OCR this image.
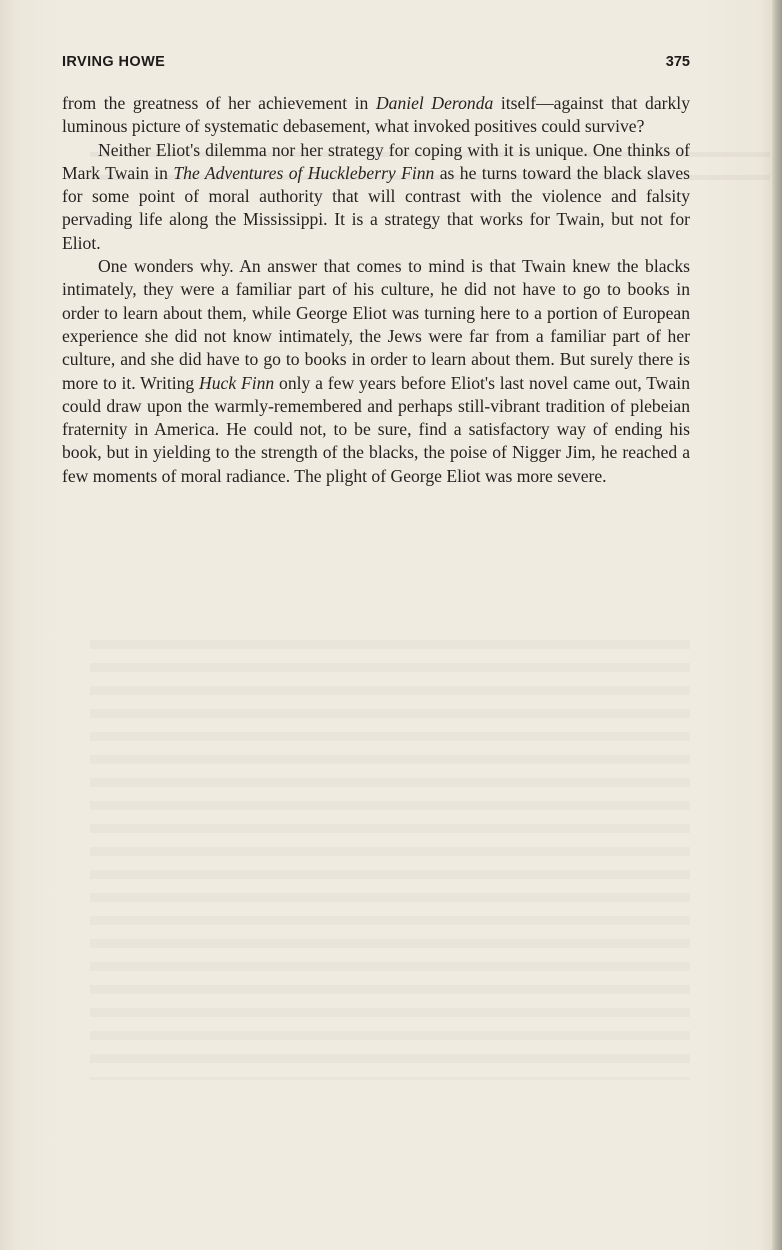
IRVING HOWE	375

from the greatness of her achievement in Daniel Deronda itself—against that darkly luminous picture of systematic debasement, what invoked positives could survive?

Neither Eliot's dilemma nor her strategy for coping with it is unique. One thinks of Mark Twain in The Adventures of Huckleberry Finn as he turns toward the black slaves for some point of moral authority that will contrast with the violence and falsity pervading life along the Mississippi. It is a strategy that works for Twain, but not for Eliot.

One wonders why. An answer that comes to mind is that Twain knew the blacks intimately, they were a familiar part of his culture, he did not have to go to books in order to learn about them, while George Eliot was turning here to a portion of European experience she did not know intimately, the Jews were far from a familiar part of her culture, and she did have to go to books in order to learn about them. But surely there is more to it. Writing Huck Finn only a few years before Eliot's last novel came out, Twain could draw upon the warmly-remembered and perhaps still-vibrant tradition of plebeian fraternity in America. He could not, to be sure, find a satisfactory way of ending his book, but in yielding to the strength of the blacks, the poise of Nigger Jim, he reached a few moments of moral radiance. The plight of George Eliot was more severe.
